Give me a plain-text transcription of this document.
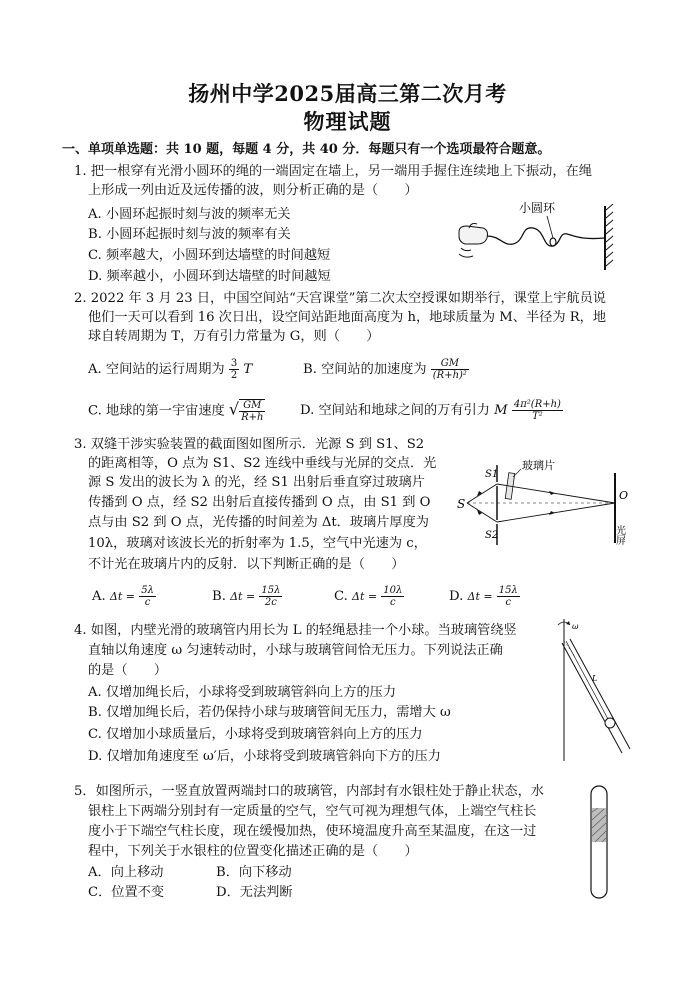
扬州中学2025届高三第二次月考
物理试题
一、单项单选题：共 10 题，每题 4 分，共 40 分．每题只有一个选项最符合题意。
1. 把一根穿有光滑小圆环的绳的一端固定在墙上，另一端用手握住连续地上下振动，在绳
上形成一列由近及远传播的波，则分析正确的是（　　）
A. 小圆环起振时刻与波的频率无关
B. 小圆环起振时刻与波的频率有关
C. 频率越大，小圆环到达墙壁的时间越短
D. 频率越小，小圆环到达墙壁的时间越短
小圆环
2. 2022 年 3 月 23 日，中国空间站“天宫课堂”第二次太空授课如期举行，课堂上宇航员说
他们一天可以看到 16 次日出，设空间站距地面高度为 h，地球质量为 M、半径为 R，地
球自转周期为 T，万有引力常量为 G，则（　　）
A. 空间站的运行周期为 $\frac{3}{2}$ T	B. 空间站的加速度为 $\frac{GM}{\text{(R+h)²}}$
C. 地球的第一宇宙速度 √ $\frac{GM}{R+h}$	D. 空间站和地球之间的万有引力 M $\frac{\text{4π²(R+h)}}{\text{T²}}$
3. 双缝干涉实验装置的截面图如图所示．光源 S 到 S1、S2
的距离相等，O 点为 S1、S2 连线中垂线与光屏的交点．光
源 S 发出的波长为 λ 的光，经 S1 出射后垂直穿过玻璃片
传播到 O 点，经 S2 出射后直接传播到 O 点，由 S1 到 O
点与由 S2 到 O 点，光传播的时间差为 Δt．玻璃片厚度为
10λ，玻璃对该波长光的折射率为 1.5，空气中光速为 c，
不计光在玻璃片内的反射．以下判断正确的是（　　）
S
S1
S2
玻璃片
O
光屏
A. $\Delta t = \frac{5\lambda}{c}$	B. $\Delta t = \frac{15\lambda}{2c}$	C. $\Delta t = \frac{10\lambda}{c}$	D. $\Delta t = \frac{15\lambda}{c}$
4. 如图，内壁光滑的玻璃管内用长为 L 的轻绳悬挂一个小球。当玻璃管绕竖
直轴以角速度 ω 匀速转动时，小球与玻璃管间恰无压力。下列说法正确
的是（　　）
A. 仅增加绳长后，小球将受到玻璃管斜向上方的压力
B. 仅增加绳长后，若仍保持小球与玻璃管间无压力，需增大 ω
C. 仅增加小球质量后，小球将受到玻璃管斜向上方的压力
D. 仅增加角速度至 ω′后，小球将受到玻璃管斜向下方的压力
ω
L
5．如图所示，一竖直放置两端封口的玻璃管，内部封有水银柱处于静止状态，水
银柱上下两端分别封有一定质量的空气，空气可视为理想气体，上端空气柱长
度小于下端空气柱长度，现在缓慢加热，使环境温度升高至某温度，在这一过
程中，下列关于水银柱的位置变化描述正确的是（　　）
A．向上移动	B．向下移动
C．位置不变	D．无法判断
